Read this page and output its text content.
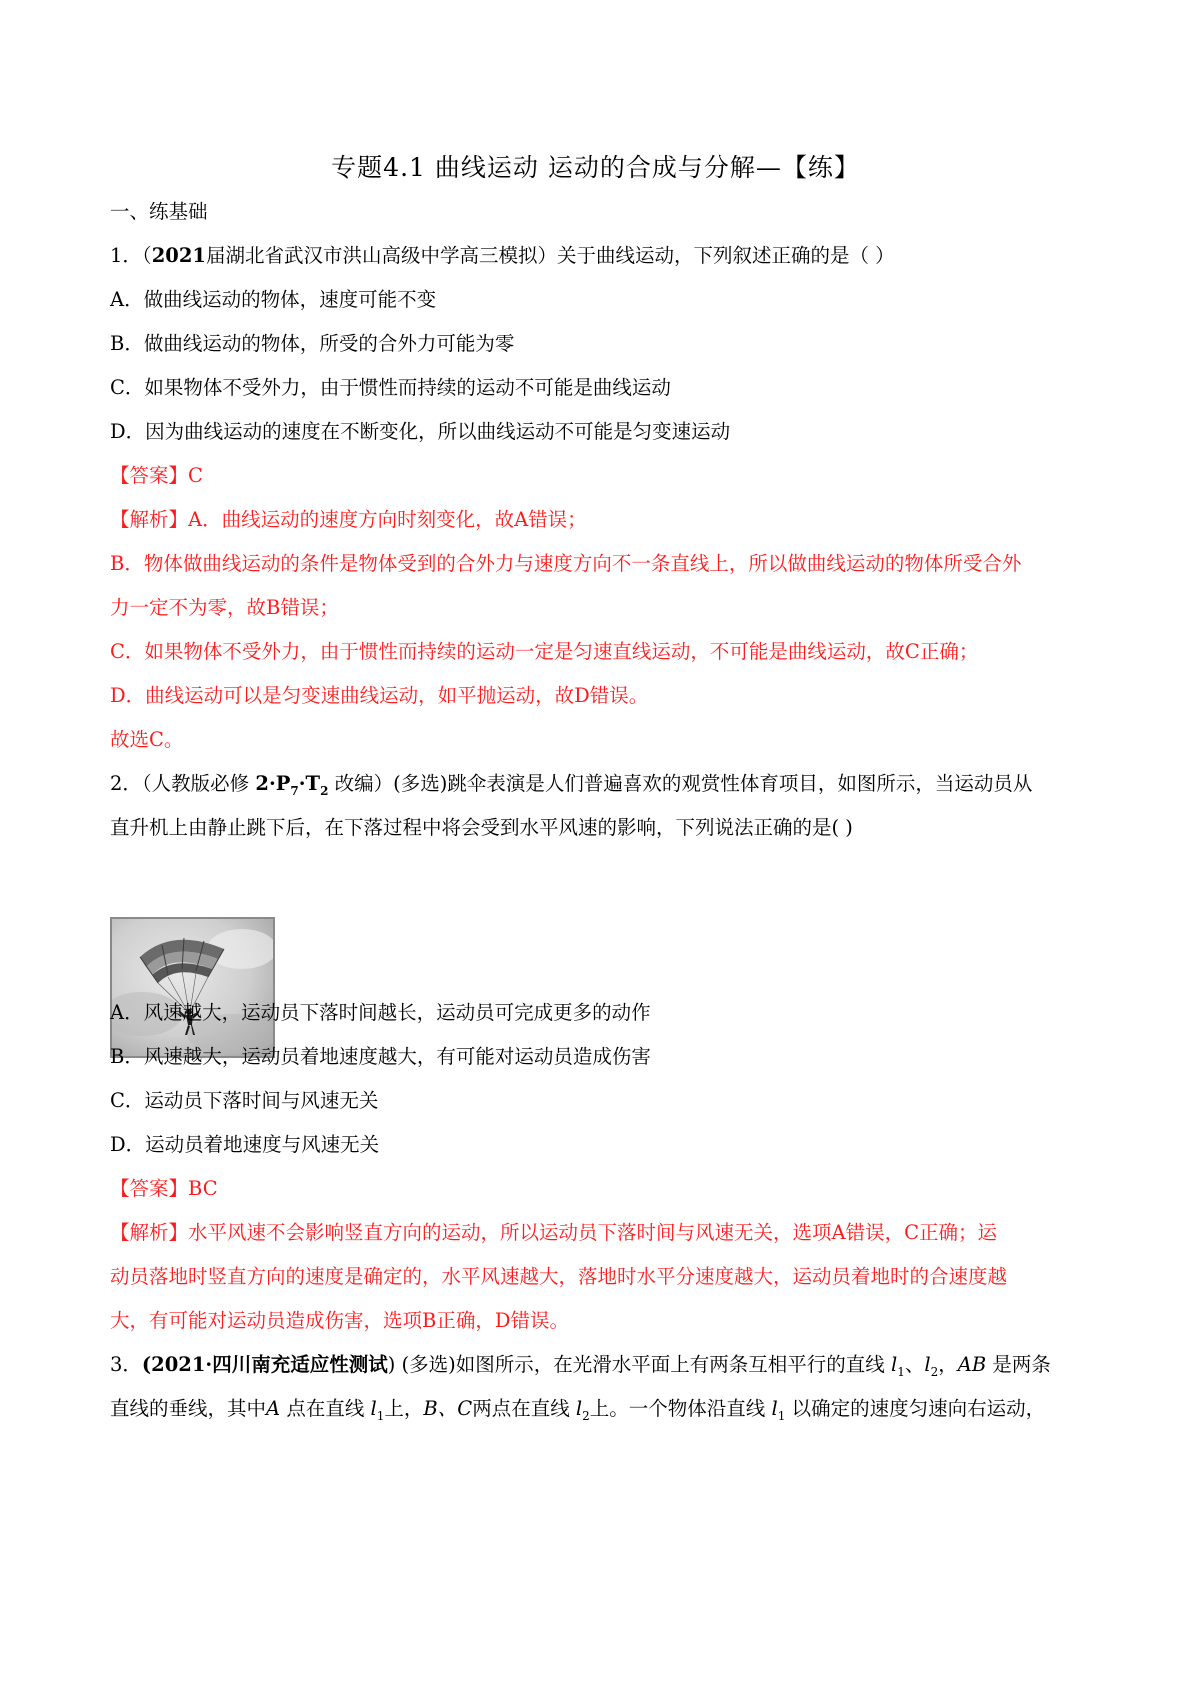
专题4.1 曲线运动 运动的合成与分解—【练】
一、练基础
1．（2021届湖北省武汉市洪山高级中学高三模拟）关于曲线运动，下列叙述正确的是（ ）
A．做曲线运动的物体，速度可能不变
B．做曲线运动的物体，所受的合外力可能为零
C．如果物体不受外力，由于惯性而持续的运动不可能是曲线运动
D．因为曲线运动的速度在不断变化，所以曲线运动不可能是匀变速运动
【答案】C
【解析】A．曲线运动的速度方向时刻变化，故A错误；
B．物体做曲线运动的条件是物体受到的合外力与速度方向不一条直线上，所以做曲线运动的物体所受合外
力一定不为零，故B错误；
C．如果物体不受外力，由于惯性而持续的运动一定是匀速直线运动，不可能是曲线运动，故C正确；
D．曲线运动可以是匀变速曲线运动，如平抛运动，故D错误。
故选C。
2．（人教版必修 $2\cdot P_7\cdot T_2$ 改编）(多选)跳伞表演是人们普遍喜欢的观赏性体育项目，如图所示，当运动员从
直升机上由静止跳下后，在下落过程中将会受到水平风速的影响，下列说法正确的是( )
A．风速越大，运动员下落时间越长，运动员可完成更多的动作
B．风速越大，运动员着地速度越大，有可能对运动员造成伤害
C．运动员下落时间与风速无关
D．运动员着地速度与风速无关
【答案】BC
【解析】水平风速不会影响竖直方向的运动，所以运动员下落时间与风速无关，选项A错误，C正确；运
动员落地时竖直方向的速度是确定的，水平风速越大，落地时水平分速度越大，运动员着地时的合速度越
大，有可能对运动员造成伤害，选项B正确，D错误。
3．(2021·四川南充适应性测试) (多选)如图所示，在光滑水平面上有两条互相平行的直线 $l_1$、$l_2$，AB 是两条
直线的垂线，其中A 点在直线 $l_1$上，B、C两点在直线 $l_2$上。一个物体沿直线 $l_1$ 以确定的速度匀速向右运动，
